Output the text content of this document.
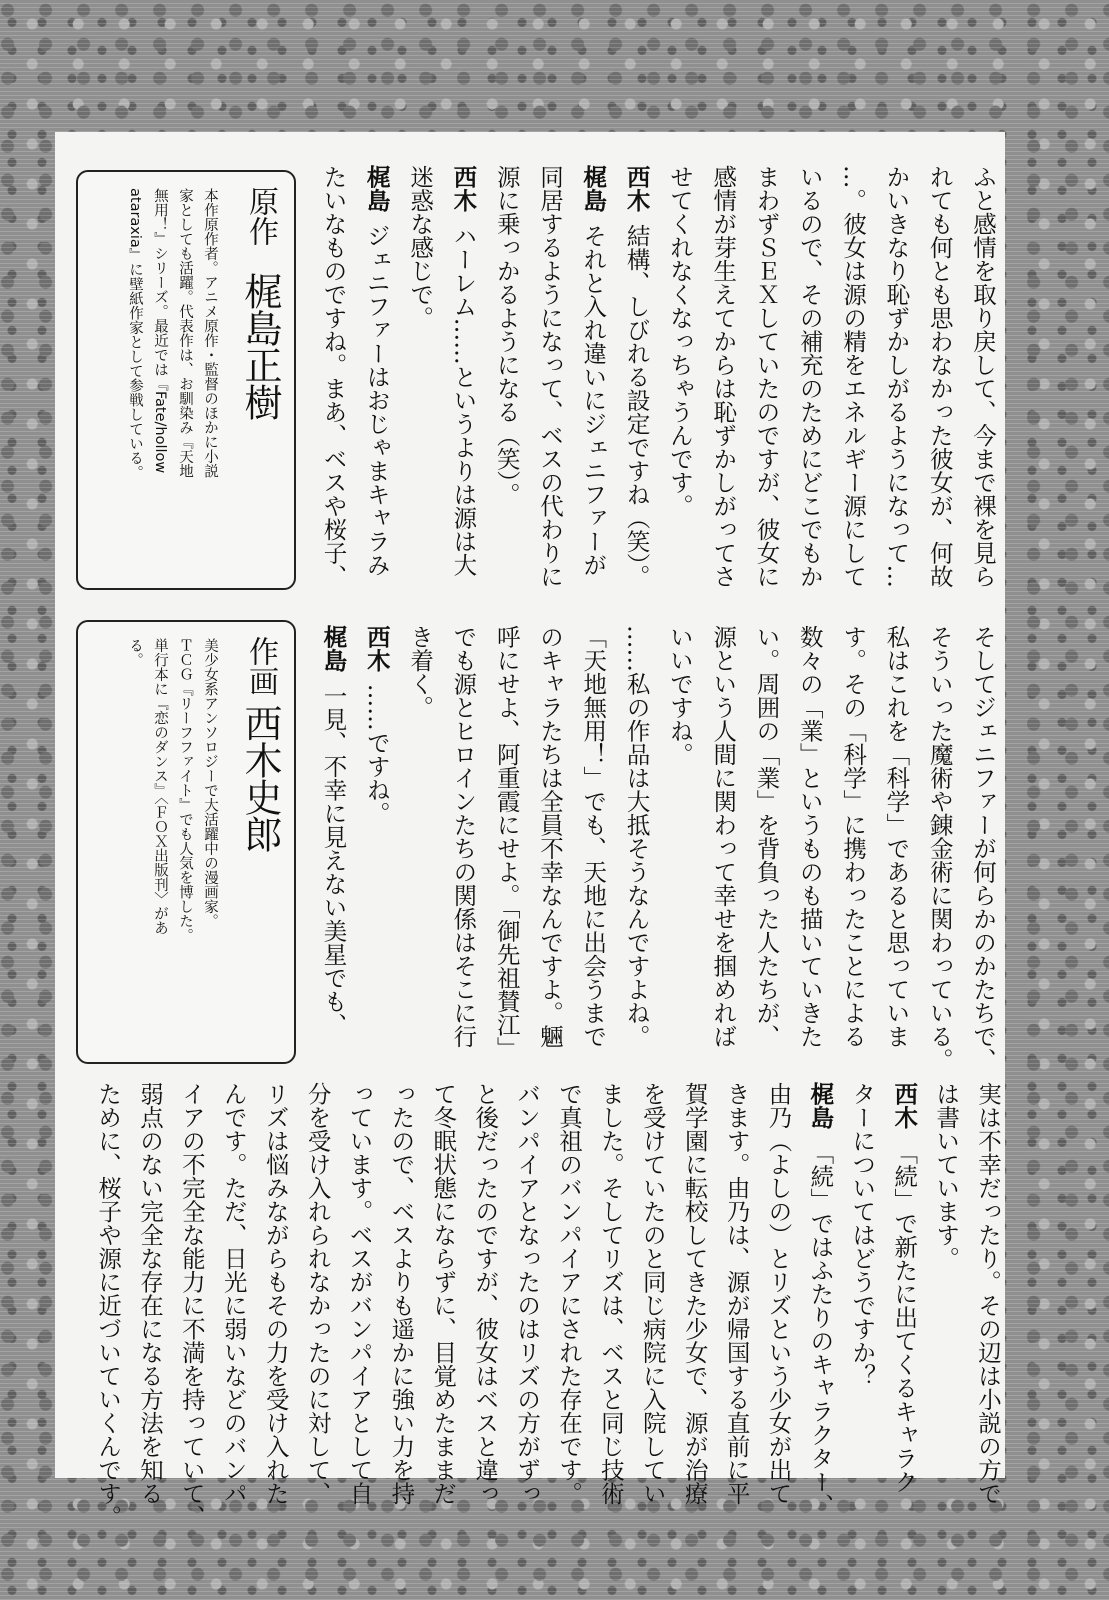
ふと感情を取り戻して、今まで裸を見ら
れても何とも思わなかった彼女が、何故
かいきなり恥ずかしがるようになって…
…。彼女は源の精をエネルギー源にして
いるので、その補充のためにどこでもか
まわずＳＥＸしていたのですが、彼女に
感情が芽生えてからは恥ずかしがってさ
せてくれなくなっちゃうんです。
西木結構、しびれる設定ですね（笑）。
梶島それと入れ違いにジェニファーが
同居するようになって、ベスの代わりに
源に乗っかるようになる（笑）。
西木ハーレム……というよりは源は大
迷惑な感じで。
梶島ジェニファーはおじゃまキャラみ
たいなものですね。まあ、ベスや桜子、
そしてジェニファーが何らかのかたちで、
そういった魔術や錬金術に関わっている。
私はこれを「科学」であると思っていま
す。その「科学」に携わったことによる
数々の「業」というものも描いていきた
い。周囲の「業」を背負った人たちが、
源という人間に関わって幸せを掴めれば
いいですね。
……私の作品は大抵そうなんですよね。
「天地無用！」でも、天地に出会うまで
のキャラたちは全員不幸なんですよ。魎
呼にせよ、阿重霞にせよ。「御先祖賛江」
でも源とヒロインたちの関係はそこに行
き着く。
西木……ですね。
梶島一見、不幸に見えない美星でも、
実は不幸だったり。その辺は小説の方で
は書いています。
西木「続」で新たに出てくるキャラク
ターについてはどうですか？
梶島「続」ではふたりのキャラクター、
由乃（よしの）とリズという少女が出て
きます。由乃は、源が帰国する直前に平
賀学園に転校してきた少女で、源が治療
を受けていたのと同じ病院に入院してい
ました。そしてリズは、ベスと同じ技術
で真祖のバンパイアにされた存在です。
バンパイアとなったのはリズの方がずっ
と後だったのですが、彼女はベスと違っ
て冬眠状態にならずに、目覚めたままだ
ったので、ベスよりも遥かに強い力を持
っています。ベスがバンパイアとして自
分を受け入れられなかったのに対して、
リズは悩みながらもその力を受け入れた
んです。ただ、日光に弱いなどのバンパ
イアの不完全な能力に不満を持っていて、
弱点のない完全な存在になる方法を知る
ために、桜子や源に近づいていくんです。
原作
梶島正樹
本作原作者。アニメ原作・監督のほかに小説
家としても活躍。代表作は、お馴染み『天地
無用！』シリーズ。最近では『Fate/hollow
ataraxia』に壁紙作家として参戦している。
作画
西木史郎
美少女系アンソロジーで大活躍中の漫画家。
ＴＣＧ『リーフファイト』でも人気を博した。
単行本に『恋のダンス』〈ＦＯＸ出版刊〉があ
る。
